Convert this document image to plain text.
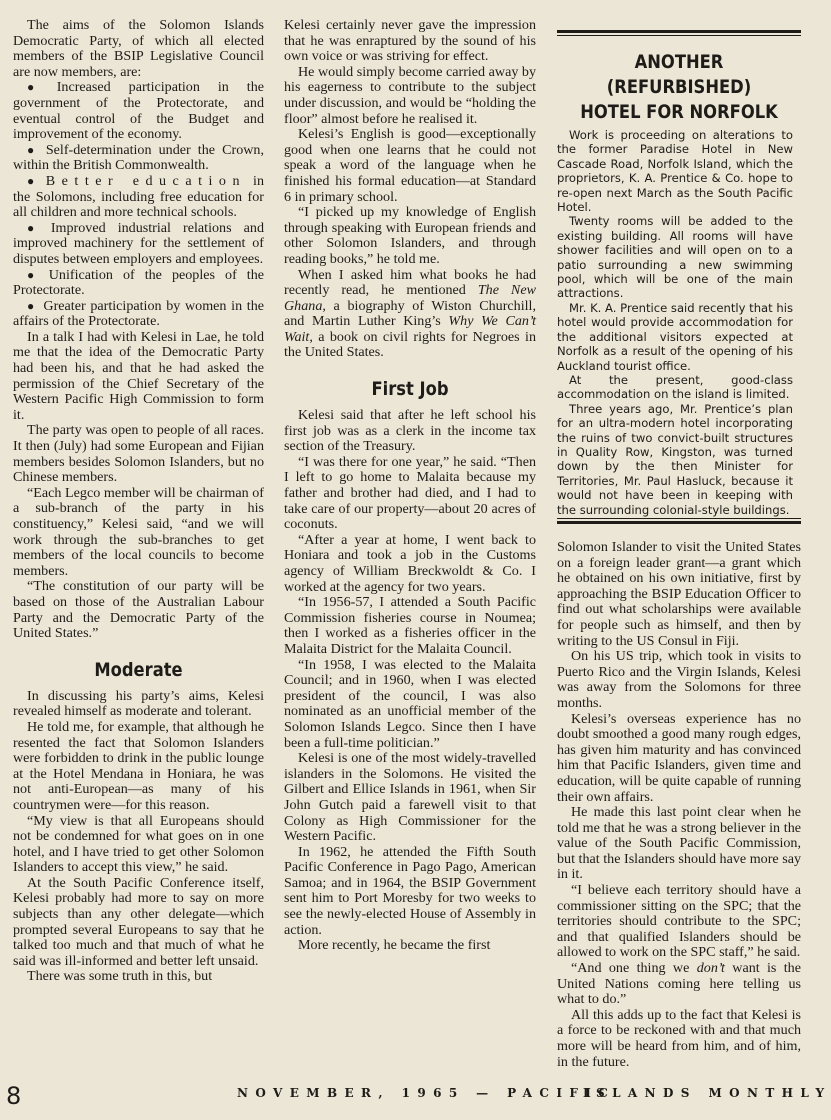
The aims of the Solomon Islands Democratic Party, of which all elected members of the BSIP Legislative Council are now members, are:

● Increased participation in the government of the Protectorate, and eventual control of the Budget and improvement of the economy.

● Self-determination under the Crown, within the British Commonwealth.

● Better education in the Solomons, including free education for all children and more technical schools.

● Improved industrial relations and improved machinery for the settlement of disputes between employers and employees.

● Unification of the peoples of the Protectorate.

● Greater participation by women in the affairs of the Protectorate.

In a talk I had with Kelesi in Lae, he told me that the idea of the Democratic Party had been his, and that he had asked the permission of the Chief Secretary of the Western Pacific High Commission to form it.

The party was open to people of all races. It then (July) had some European and Fijian members besides Solomon Islanders, but no Chinese members.

“Each Legco member will be chairman of a sub-branch of the party in his constituency,” Kelesi said, “and we will work through the sub-branches to get members of the local councils to become members.

“The constitution of our party will be based on those of the Australian Labour Party and the Democratic Party of the United States.”

Moderate

In discussing his party’s aims, Kelesi revealed himself as moderate and tolerant.

He told me, for example, that although he resented the fact that Solomon Islanders were forbidden to drink in the public lounge at the Hotel Mendana in Honiara, he was not anti-European—as many of his countrymen were—for this reason.

“My view is that all Europeans should not be condemned for what goes on in one hotel, and I have tried to get other Solomon Islanders to accept this view,” he said.

At the South Pacific Conference itself, Kelesi probably had more to say on more subjects than any other delegate—which prompted several Europeans to say that he talked too much and that much of what he said was ill-informed and better left unsaid.

There was some truth in this, but

Kelesi certainly never gave the impression that he was enraptured by the sound of his own voice or was striving for effect.

He would simply become carried away by his eagerness to contribute to the subject under discussion, and would be “holding the floor” almost before he realised it.

Kelesi’s English is good—exceptionally good when one learns that he could not speak a word of the language when he finished his formal education—at Standard 6 in primary school.

“I picked up my knowledge of English through speaking with European friends and other Solomon Islanders, and through reading books,” he told me.

When I asked him what books he had recently read, he mentioned The New Ghana, a biography of Wiston Churchill, and Martin Luther King’s Why We Can’t Wait, a book on civil rights for Negroes in the United States.

First Job

Kelesi said that after he left school his first job was as a clerk in the income tax section of the Treasury.

“I was there for one year,” he said. “Then I left to go home to Malaita because my father and brother had died, and I had to take care of our property—about 20 acres of coconuts.

“After a year at home, I went back to Honiara and took a job in the Customs agency of William Breckwoldt & Co. I worked at the agency for two years.

“In 1956-57, I attended a South Pacific Commission fisheries course in Noumea; then I worked as a fisheries officer in the Malaita District for the Malaita Council.

“In 1958, I was elected to the Malaita Council; and in 1960, when I was elected president of the council, I was also nominated as an unofficial member of the Solomon Islands Legco. Since then I have been a full-time politician.”

Kelesi is one of the most widely-travelled islanders in the Solomons. He visited the Gilbert and Ellice Islands in 1961, when Sir John Gutch paid a farewell visit to that Colony as High Commissioner for the Western Pacific.

In 1962, he attended the Fifth South Pacific Conference in Pago Pago, American Samoa; and in 1964, the BSIP Government sent him to Port Moresby for two weeks to see the newly-elected House of Assembly in action.

More recently, he became the first

ANOTHER (REFURBISHED)
HOTEL FOR NORFOLK

Work is proceeding on alterations to the former Paradise Hotel in New Cascade Road, Norfolk Island, which the proprietors, K. A. Prentice & Co. hope to re-open next March as the South Pacific Hotel.

Twenty rooms will be added to the existing building. All rooms will have shower facilities and will open on to a patio surrounding a new swimming pool, which will be one of the main attractions.

Mr. K. A. Prentice said recently that his hotel would provide accommodation for the additional visitors expected at Norfolk as a result of the opening of his Auckland tourist office.

At the present, good-class accommodation on the island is limited.

Three years ago, Mr. Prentice’s plan for an ultra-modern hotel incorporating the ruins of two convict-built structures in Quality Row, Kingston, was turned down by the then Minister for Territories, Mr. Paul Hasluck, because it would not have been in keeping with the surrounding colonial-style buildings.

Solomon Islander to visit the United States on a foreign leader grant—a grant which he obtained on his own initiative, first by approaching the BSIP Education Officer to find out what scholarships were available for people such as himself, and then by writing to the US Consul in Fiji.

On his US trip, which took in visits to Puerto Rico and the Virgin Islands, Kelesi was away from the Solomons for three months.

Kelesi’s overseas experience has no doubt smoothed a good many rough edges, has given him maturity and has convinced him that Pacific Islanders, given time and education, will be quite capable of running their own affairs.

He made this last point clear when he told me that he was a strong believer in the value of the South Pacific Commission, but that the Islanders should have more say in it.

“I believe each territory should have a commissioner sitting on the SPC; that the territories should contribute to the SPC; and that qualified Islanders should be allowed to work on the SPC staff,” he said.

“And one thing we don’t want is the United Nations coming here telling us what to do.”

All this adds up to the fact that Kelesi is a force to be reckoned with and that much more will be heard from him, and of him, in the future.

8	NOVEMBER, 1965 — PACIFIC
ISLANDS MONTHLY
